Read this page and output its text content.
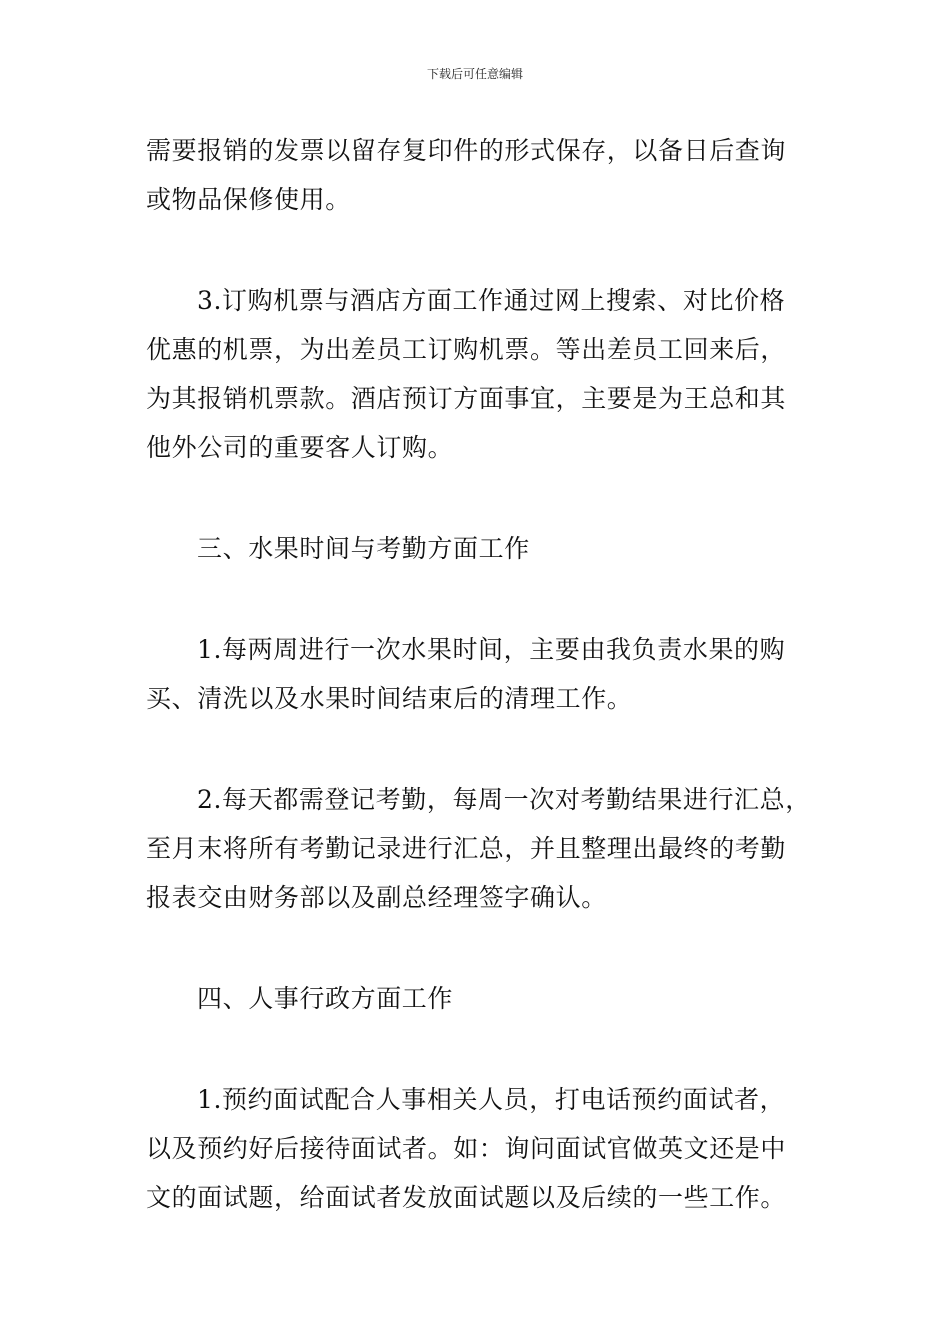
下载后可任意编辑

需要报销的发票以留存复印件的形式保存，以备日后查询
或物品保修使用。

3.订购机票与酒店方面工作通过网上搜索、对比价格
优惠的机票，为出差员工订购机票。等出差员工回来后，
为其报销机票款。酒店预订方面事宜，主要是为王总和其
他外公司的重要客人订购。

三、水果时间与考勤方面工作

1.每两周进行一次水果时间，主要由我负责水果的购
买、清洗以及水果时间结束后的清理工作。

2.每天都需登记考勤，每周一次对考勤结果进行汇总，
至月末将所有考勤记录进行汇总，并且整理出最终的考勤
报表交由财务部以及副总经理签字确认。

四、人事行政方面工作

1.预约面试配合人事相关人员，打电话预约面试者，
以及预约好后接待面试者。如：询问面试官做英文还是中
文的面试题，给面试者发放面试题以及后续的一些工作。
